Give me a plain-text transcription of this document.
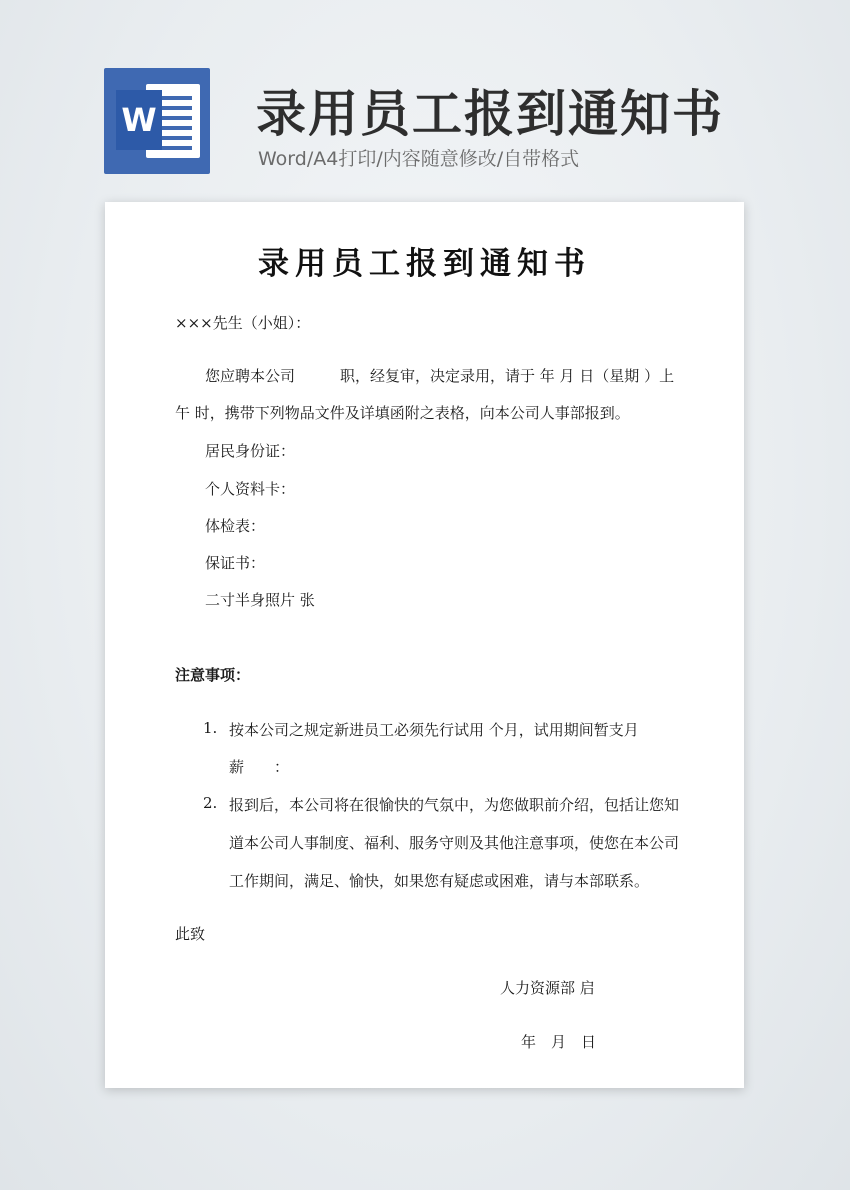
W 录用员工报到通知书
Word/A4打印/内容随意修改/自带格式
录用员工报到通知书
×××先生（小姐）：
您应聘本公司　　　职，经复审，决定录用，请于 年 月 日（星期 ）上
午 时，携带下列物品文件及详填函附之表格，向本公司人事部报到。
居民身份证：
个人资料卡：
体检表：
保证书：
二寸半身照片 张
注意事项：
1. 按本公司之规定新进员工必须先行试用 个月，试用期间暂支月
薪　　：
2. 报到后，本公司将在很愉快的气氛中，为您做职前介绍，包括让您知
道本公司人事制度、福利、服务守则及其他注意事项，使您在本公司
工作期间，满足、愉快，如果您有疑虑或困难，请与本部联系。
此致
人力资源部 启
年　月　日
